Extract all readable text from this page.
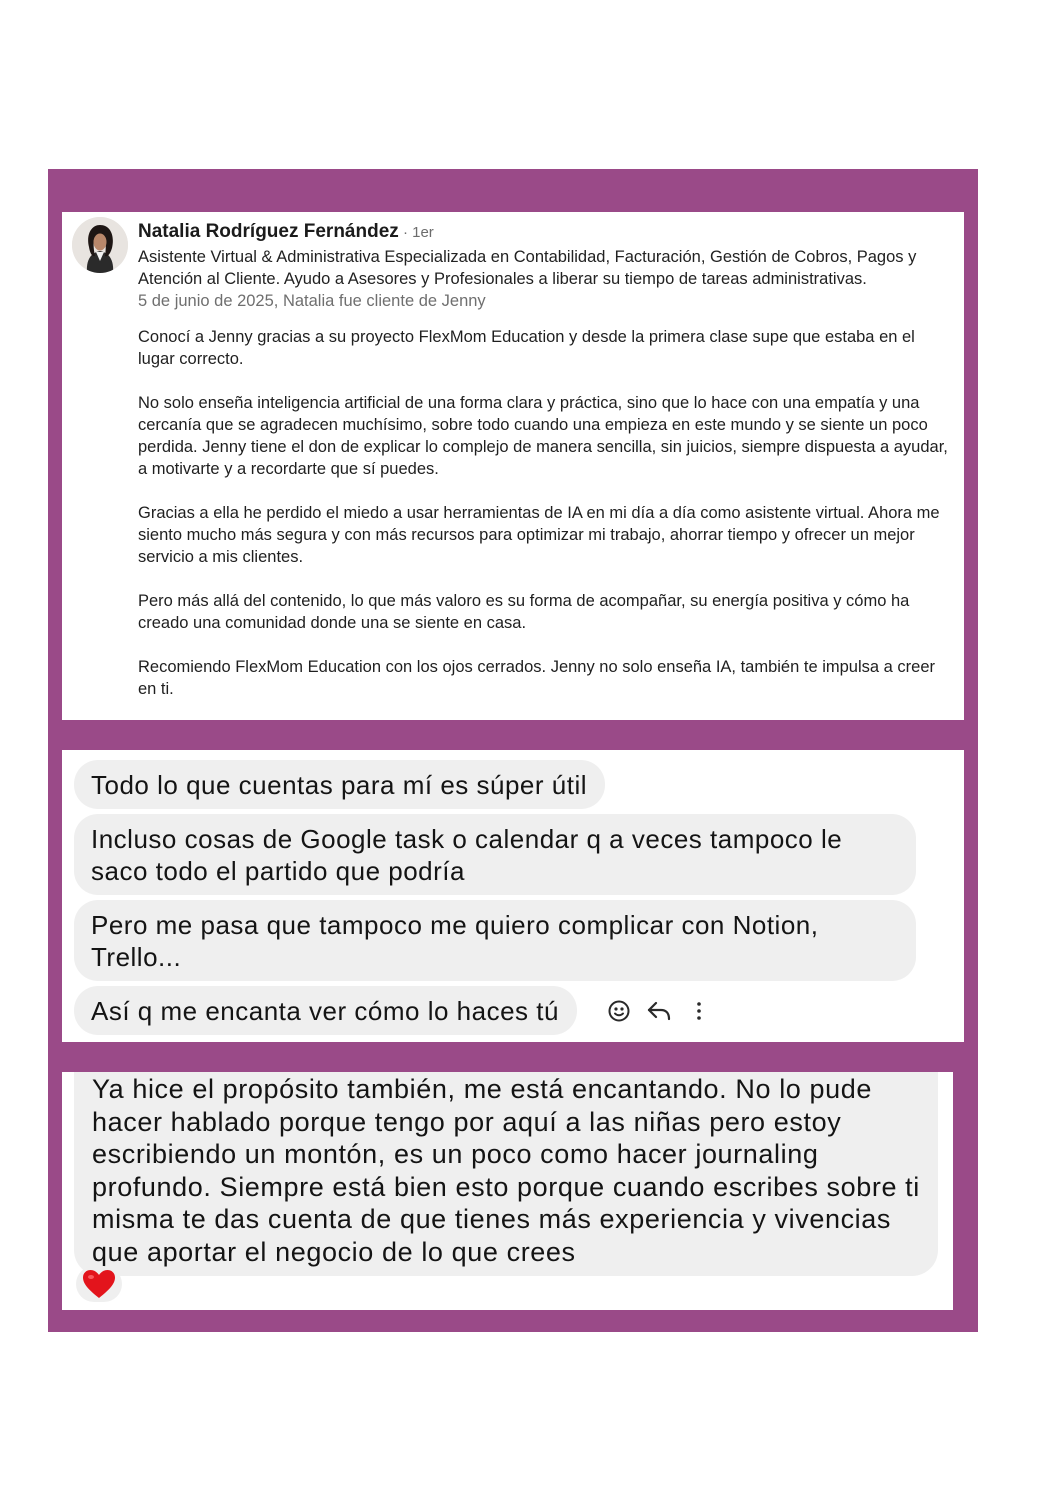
Natalia Rodríguez Fernández · 1er
Asistente Virtual & Administrativa Especializada en Contabilidad, Facturación, Gestión de Cobros, Pagos y Atención al Cliente. Ayudo a Asesores y Profesionales a liberar su tiempo de tareas administrativas.
5 de junio de 2025, Natalia fue cliente de Jenny

Conocí a Jenny gracias a su proyecto FlexMom Education y desde la primera clase supe que estaba en el lugar correcto.

No solo enseña inteligencia artificial de una forma clara y práctica, sino que lo hace con una empatía y una cercanía que se agradecen muchísimo, sobre todo cuando una empieza en este mundo y se siente un poco perdida. Jenny tiene el don de explicar lo complejo de manera sencilla, sin juicios, siempre dispuesta a ayudar, a motivarte y a recordarte que sí puedes.

Gracias a ella he perdido el miedo a usar herramientas de IA en mi día a día como asistente virtual. Ahora me siento mucho más segura y con más recursos para optimizar mi trabajo, ahorrar tiempo y ofrecer un mejor servicio a mis clientes.

Pero más allá del contenido, lo que más valoro es su forma de acompañar, su energía positiva y cómo ha creado una comunidad donde una se siente en casa.

Recomiendo FlexMom Education con los ojos cerrados. Jenny no solo enseña IA, también te impulsa a creer en ti.

Todo lo que cuentas para mí es súper útil
Incluso cosas de Google task o calendar q a veces tampoco le saco todo el partido que podría
Pero me pasa que tampoco me quiero complicar con Notion, Trello...
Así q me encanta ver cómo lo haces tú
Ya hice el propósito también, me está encantando. No lo pude hacer hablado porque tengo por aquí a las niñas pero estoy escribiendo un montón, es un poco como hacer journaling profundo. Siempre está bien esto porque cuando escribes sobre ti misma te das cuenta de que tienes más experiencia y vivencias que aportar el negocio de lo que crees
